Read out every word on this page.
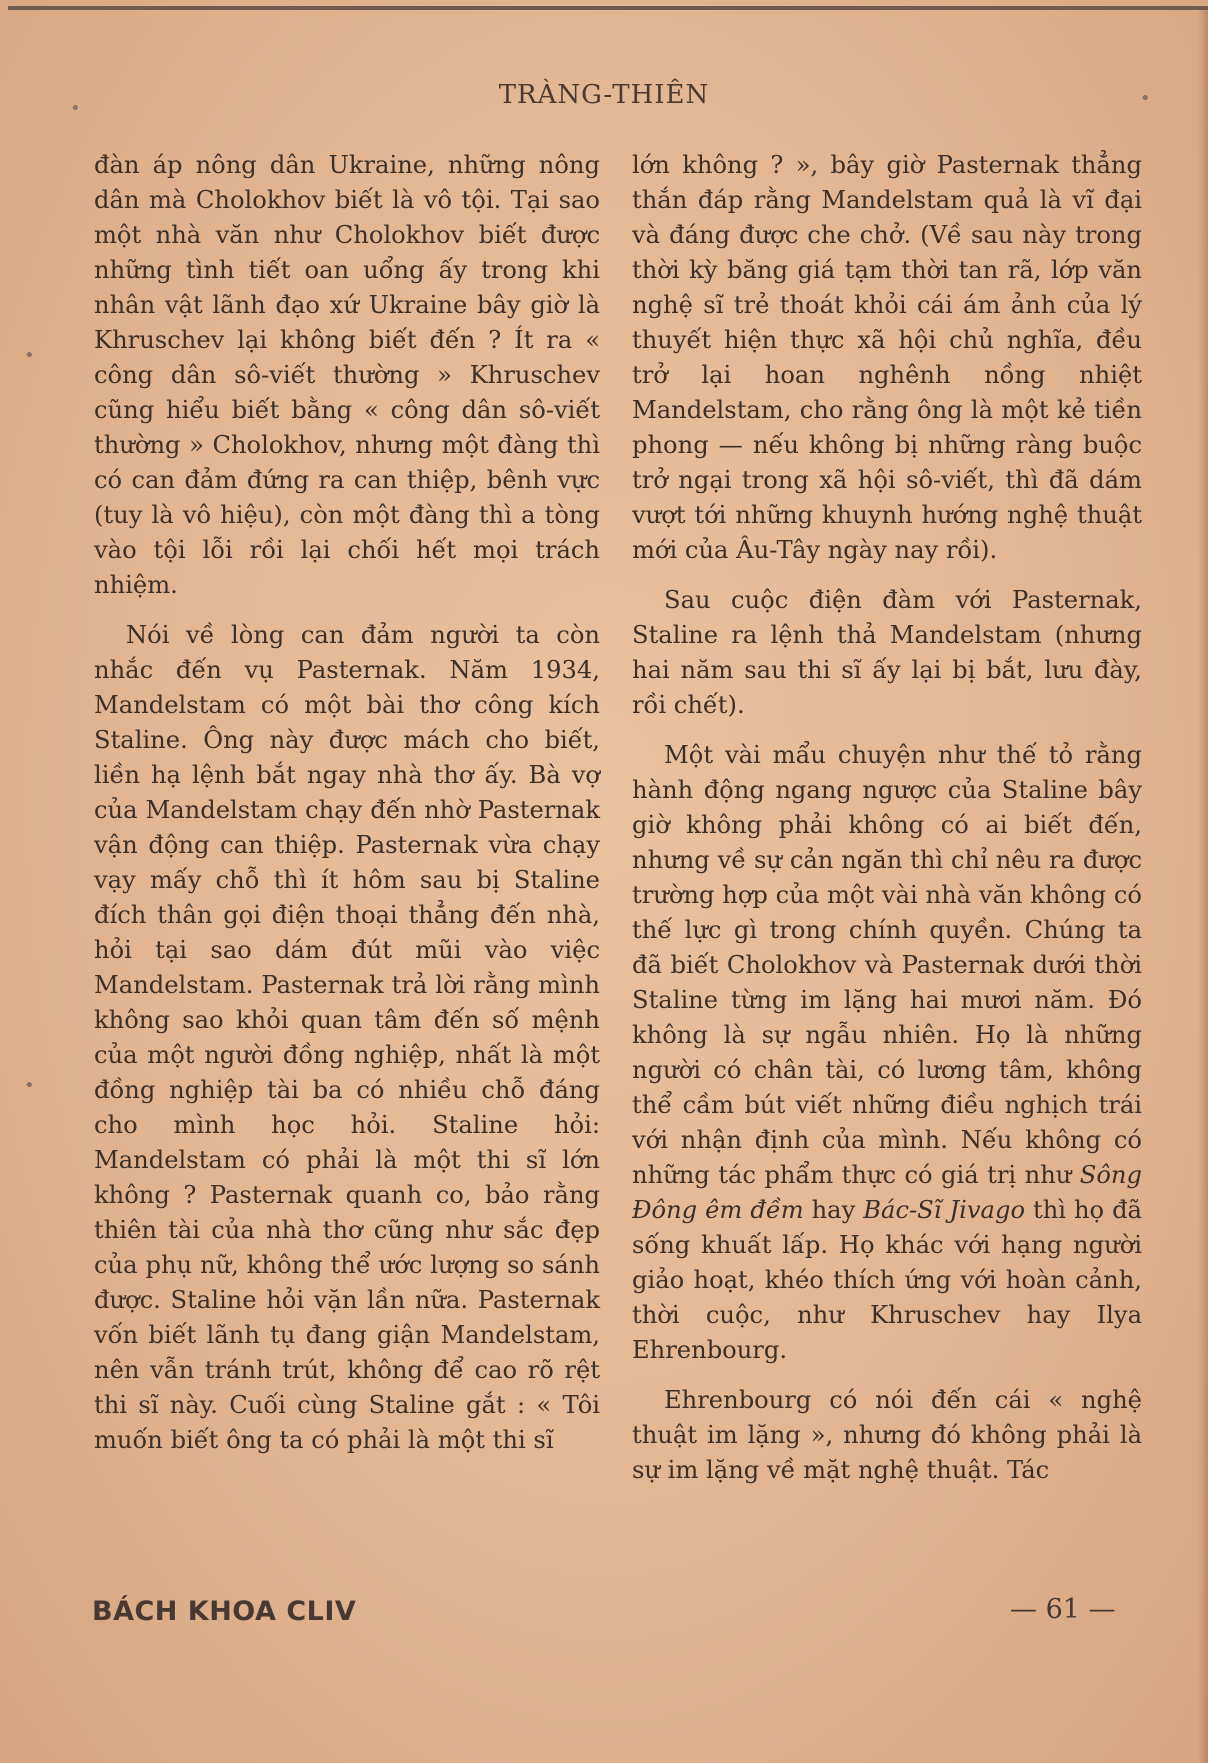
TRÀNG-THIÊN

đàn áp nông dân Ukraine, những nông dân mà Cholokhov biết là vô tội. Tại sao một nhà văn như Cholokhov biết được những tình tiết oan uổng ấy trong khi nhân vật lãnh đạo xứ Ukraine bây giờ là Khruschev lại không biết đến ? Ít ra « công dân sô-viết thường » Khruschev cũng hiểu biết bằng « công dân sô-viết thường » Cholokhov, nhưng một đàng thì có can đảm đứng ra can thiệp, bênh vực (tuy là vô hiệu), còn một đàng thì a tòng vào tội lỗi rồi lại chối hết mọi trách nhiệm.

Nói về lòng can đảm người ta còn nhắc đến vụ Pasternak. Năm 1934, Mandelstam có một bài thơ công kích Staline. Ông này được mách cho biết, liền hạ lệnh bắt ngay nhà thơ ấy. Bà vợ của Mandelstam chạy đến nhờ Pasternak vận động can thiệp. Pasternak vừa chạy vạy mấy chỗ thì ít hôm sau bị Staline đích thân gọi điện thoại thẳng đến nhà, hỏi tại sao dám đút mũi vào việc Mandelstam. Pasternak trả lời rằng mình không sao khỏi quan tâm đến số mệnh của một người đồng nghiệp, nhất là một đồng nghiệp tài ba có nhiều chỗ đáng cho mình học hỏi. Staline hỏi: Mandelstam có phải là một thi sĩ lớn không ? Pasternak quanh co, bảo rằng thiên tài của nhà thơ cũng như sắc đẹp của phụ nữ, không thể ước lượng so sánh được. Staline hỏi vặn lần nữa. Pasternak vốn biết lãnh tụ đang giận Mandelstam, nên vẫn tránh trút, không để cao rõ rệt thi sĩ này. Cuối cùng Staline gắt : « Tôi muốn biết ông ta có phải là một thi sĩ

lớn không ? », bây giờ Pasternak thẳng thắn đáp rằng Mandelstam quả là vĩ đại và đáng được che chở. (Về sau này trong thời kỳ băng giá tạm thời tan rã, lớp văn nghệ sĩ trẻ thoát khỏi cái ám ảnh của lý thuyết hiện thực xã hội chủ nghĩa, đều trở lại hoan nghênh nồng nhiệt Mandelstam, cho rằng ông là một kẻ tiền phong — nếu không bị những ràng buộc trở ngại trong xã hội sô-viết, thì đã dám vượt tới những khuynh hướng nghệ thuật mới của Âu-Tây ngày nay rồi).

Sau cuộc điện đàm với Pasternak, Staline ra lệnh thả Mandelstam (nhưng hai năm sau thi sĩ ấy lại bị bắt, lưu đày, rồi chết).

Một vài mẩu chuyện như thế tỏ rằng hành động ngang ngược của Staline bây giờ không phải không có ai biết đến, nhưng về sự cản ngăn thì chỉ nêu ra được trường hợp của một vài nhà văn không có thế lực gì trong chính quyền. Chúng ta đã biết Cholokhov và Pasternak dưới thời Staline từng im lặng hai mươi năm. Đó không là sự ngẫu nhiên. Họ là những người có chân tài, có lương tâm, không thể cầm bút viết những điều nghịch trái với nhận định của mình. Nếu không có những tác phẩm thực có giá trị như Sông Đông êm đềm hay Bác-Sĩ Jivago thì họ đã sống khuất lấp. Họ khác với hạng người giảo hoạt, khéo thích ứng với hoàn cảnh, thời cuộc, như Khruschev hay Ilya Ehrenbourg.

Ehrenbourg có nói đến cái « nghệ thuật im lặng », nhưng đó không phải là sự im lặng về mặt nghệ thuật. Tác

BÁCH KHOA CLIV	— 61 —
•	•
•
•
